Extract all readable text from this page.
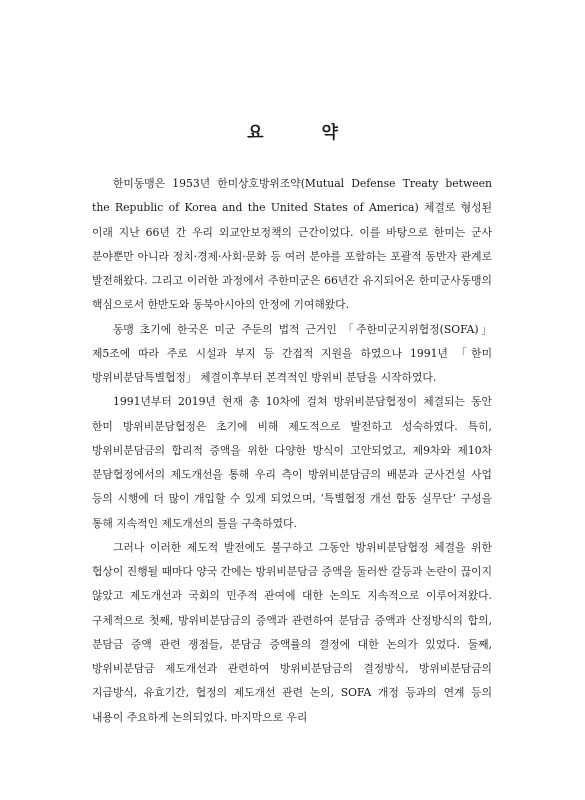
요 약

한미동맹은 1953년 한미상호방위조약(Mutual Defense Treaty between the Republic of Korea and the United States of America) 체결로 형성된 이래 지난 66년 간 우리 외교안보정책의 근간이었다. 이를 바탕으로 한미는 군사 분야뿐만 아니라 정치·경제·사회·문화 등 여러 분야를 포함하는 포괄적 동반자 관계로 발전해왔다. 그리고 이러한 과정에서 주한미군은 66년간 유지되어온 한미군사동맹의 핵심으로서 한반도와 동북아시아의 안정에 기여해왔다.

동맹 초기에 한국은 미군 주둔의 법적 근거인 「주한미군지위협정(SOFA)」 제5조에 따라 주로 시설과 부지 등 간접적 지원을 하였으나 1991년 「한미 방위비분담특별협정」 체결이후부터 본격적인 방위비 분담을 시작하였다.

1991년부터 2019년 현재 총 10차에 걸쳐 방위비분담협정이 체결되는 동안 한미 방위비분담협정은 초기에 비해 제도적으로 발전하고 성숙하였다. 특히, 방위비분담금의 합리적 증액을 위한 다양한 방식이 고안되었고, 제9차와 제10차 분담협정에서의 제도개선을 통해 우리 측이 방위비분담금의 배분과 군사건설 사업 등의 시행에 더 많이 개입할 수 있게 되었으며, ‘특별협정 개선 합동 실무단’ 구성을 통해 지속적인 제도개선의 틀을 구축하였다.

그러나 이러한 제도적 발전에도 불구하고 그동안 방위비분담협정 체결을 위한 협상이 진행될 때마다 양국 간에는 방위비분담금 증액을 둘러싼 갈등과 논란이 끊이지 않았고 제도개선과 국회의 민주적 관여에 대한 논의도 지속적으로 이루어져왔다. 구체적으로 첫째, 방위비분담금의 증액과 관련하여 분담금 증액과 산정방식의 합의, 분담금 증액 관련 쟁점들, 분담금 증액률의 결정에 대한 논의가 있었다. 둘째, 방위비분담금 제도개선과 관련하여 방위비분담금의 결정방식, 방위비분담금의 지급방식, 유효기간, 협정의 제도개선 관련 논의, SOFA 개정 등과의 연계 등의 내용이 주요하게 논의되었다. 마지막으로 우리
